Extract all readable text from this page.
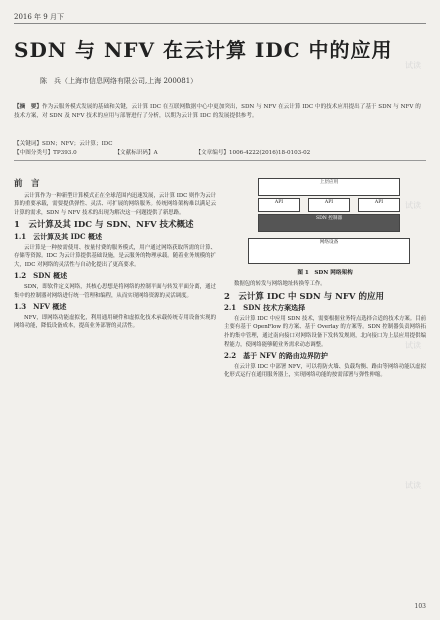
2016 年 9 月下
SDN 与 NFV 在云计算 IDC 中的应用
陈　兵（上海市信息网络有限公司,上海 200081）
【摘　要】作为云服务模式发展的基础和关键，云计算 IDC 在互联网数据中心中更加突出，SDN 与 NFV 在云计算 IDC 中的技术应用提出了基于 SDN 与 NFV 的技术方案，对 SDN 及 NFV 技术的应用与部署进行了分析，以期为云计算 IDC 的发展提供参考。
【关键词】SDN；NFV；云计算；IDC
【中图分类号】TP393.0	【文献标识码】A	【文章编号】1006-4222(2016)18-0103-02
前　言
云计算作为一种新型计算模式正在全球范围内迅速发展，云计算 IDC 则作为云计算的重要承载，需要提供弹性、灵活、可扩展的网络服务。传统网络架构难以满足云计算的需求，SDN 与 NFV 技术的出现为解决这一问题提供了新思路。
1　云计算及其 IDC 与 SDN、NFV 技术概述
1.1　云计算及其 IDC 概述
云计算是一种按需使用、按量付费的服务模式，用户通过网络获取所需的计算、存储等资源。IDC 为云计算提供基础设施，是云服务的物理承载。随着业务规模的扩大，IDC 对网络的灵活性与自动化提出了更高要求。
1.2　SDN 概述
SDN，即软件定义网络，其核心思想是将网络的控制平面与转发平面分离，通过集中的控制器对网络进行统一管理和编程，从而实现网络资源的灵活调度。
1.3　NFV 概述
NFV，即网络功能虚拟化，利用通用硬件和虚拟化技术承载传统专用设备实现的网络功能，降低设备成本，提高业务部署的灵活性。
上层应用
API	API	API
SDN 控制器
网络设备
图 1　SDN 网络架构
数据包的转发与网络地址转换等工作。
2　云计算 IDC 中 SDN 与 NFV 的应用
2.1　SDN 技术方案选择
在云计算 IDC 中应用 SDN 技术，需要根据业务特点选择合适的技术方案。目前主要有基于 OpenFlow 的方案、基于 Overlay 的方案等。SDN 控制器负责网络拓扑的集中管理，通过南向接口对网络设备下发转发规则，北向接口为上层应用提供编程能力，使网络能够随业务需求动态调整。
2.2　基于 NFV 的路由边界防护
在云计算 IDC 中部署 NFV，可以将防火墙、负载均衡、路由等网络功能以虚拟化形式运行在通用服务器上，实现网络功能的按需部署与弹性伸缩。
试读
试读
试读
试读
103
